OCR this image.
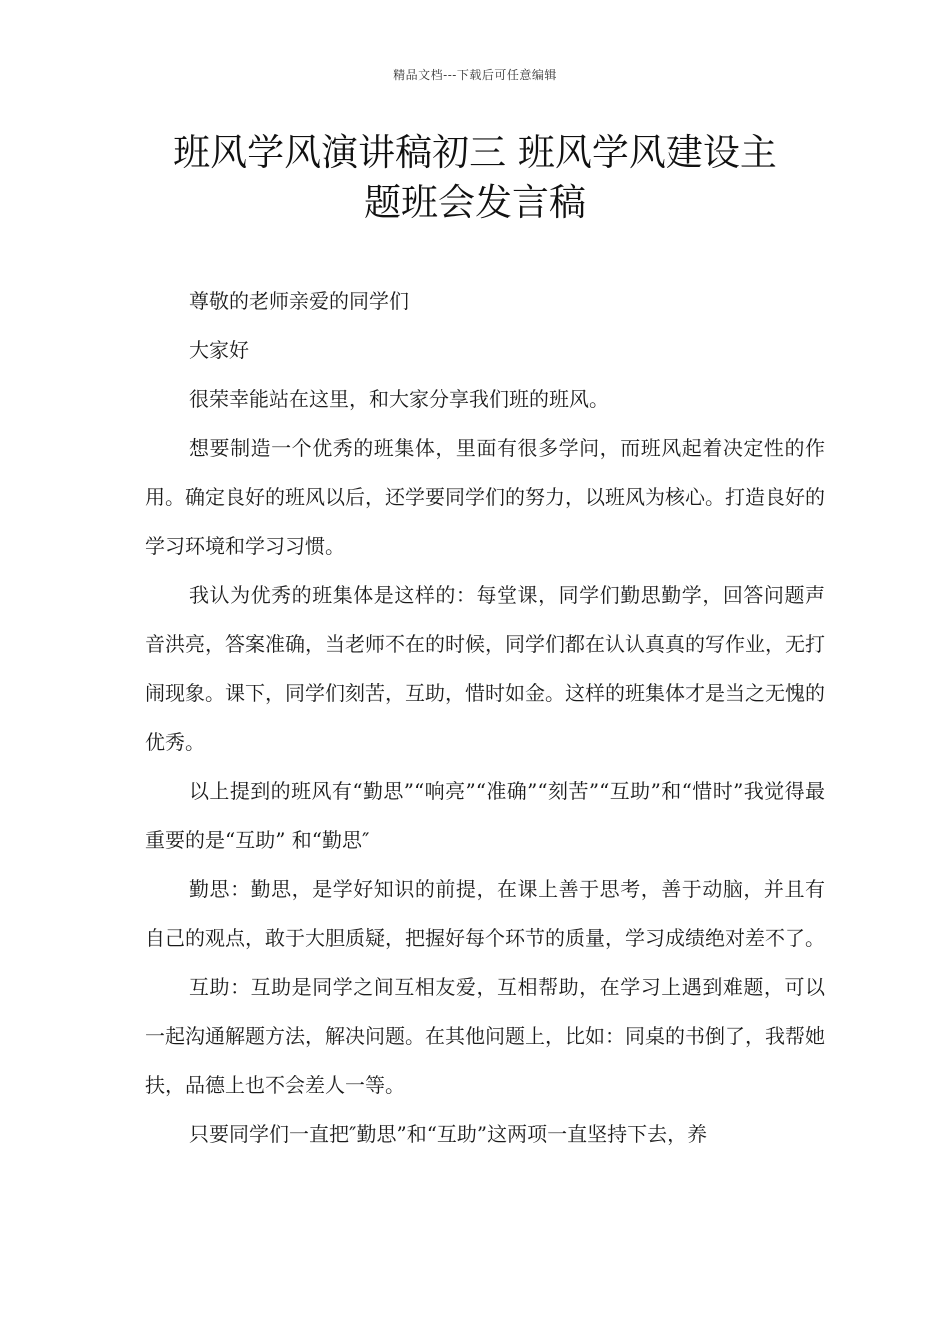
精品文档---下载后可任意编辑
班风学风演讲稿初三 班风学风建设主
题班会发言稿

尊敬的老师亲爱的同学们

大家好

很荣幸能站在这里，和大家分享我们班的班风。

想要制造一个优秀的班集体，里面有很多学问，而班风起着决定性的作用。确定良好的班风以后，还学要同学们的努力，以班风为核心。打造良好的学习环境和学习习惯。

我认为优秀的班集体是这样的：每堂课，同学们勤思勤学，回答问题声音洪亮，答案准确，当老师不在的时候，同学们都在认认真真的写作业，无打闹现象。课下，同学们刻苦，互助，惜时如金。这样的班集体才是当之无愧的优秀。

以上提到的班风有“勤思”“响亮”“准确”“刻苦”“互助”和“惜时”我觉得最重要的是“互助” 和“勤思″

勤思：勤思，是学好知识的前提，在课上善于思考，善于动脑，并且有自己的观点，敢于大胆质疑，把握好每个环节的质量，学习成绩绝对差不了。

互助：互助是同学之间互相友爱，互相帮助，在学习上遇到难题，可以一起沟通解题方法，解决问题。在其他问题上，比如：同桌的书倒了，我帮她扶，品德上也不会差人一等。

只要同学们一直把″勤思”和“互助”这两项一直坚持下去，养
